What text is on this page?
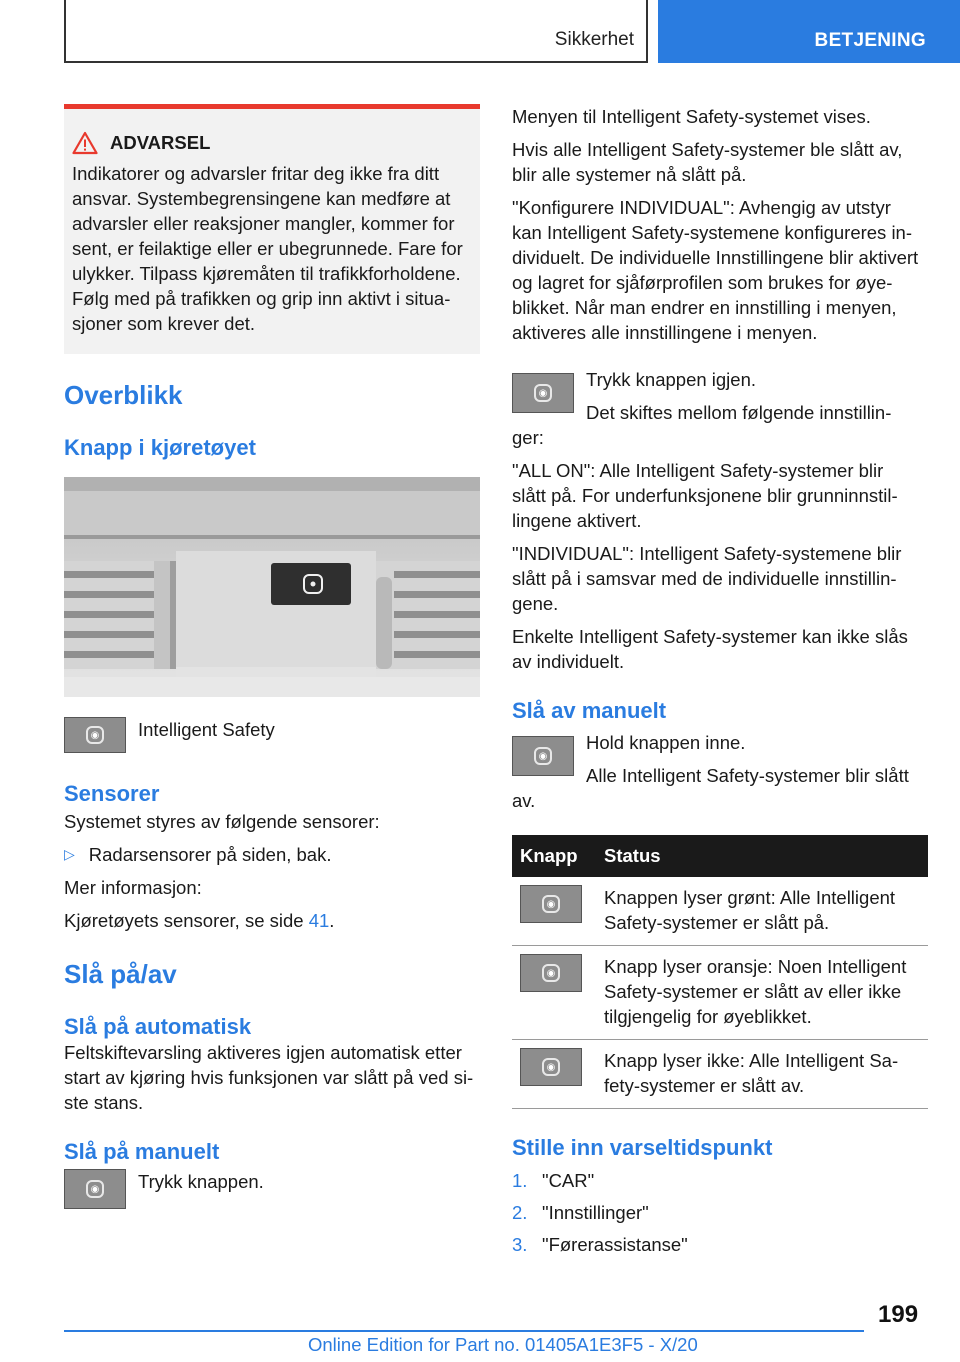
Sikkerhet	BETJENING
ADVARSEL

Indikatorer og advarsler fritar deg ikke fra ditt

ansvar. Systembegrensingene kan medføre at

advarsler eller reaksjoner mangler, kommer for

sent, er feilaktige eller er ubegrunnede. Fare for

ulykker. Tilpass kjøremåten til trafikkforholdene.

Følg med på trafikken og grip inn aktivt i situa-

sjoner som krever det.

Overblikk
Knapp i kjøretøyet
◉ Intelligent Safety

Sensorer

Systemet styres av følgende sensorer:

▷ Radarsensorer på siden, bak.

Mer informasjon:

Kjøretøyets sensorer, se side 41.

Slå på/av
Slå på automatisk

Feltskiftevarsling aktiveres igjen automatisk etter

start av kjøring hvis funksjonen var slått på ved si-

ste stans.

Slå på manuelt
◉ Trykk knappen.

Menyen til Intelligent Safety-systemet vises.

Hvis alle Intelligent Safety-systemer ble slått av,

blir alle systemer nå slått på.

"Konfigurere INDIVIDUAL": Avhengig av utstyr

kan Intelligent Safety-systemene konfigureres in-

dividuelt. De individuelle Innstillingene blir aktivert

og lagret for sjåførprofilen som brukes for øye-

blikket. Når man endrer en innstilling i menyen,

aktiveres alle innstillingene i menyen.

◉

Trykk knappen igjen.

Det skiftes mellom følgende innstillin-

ger:

"ALL ON": Alle Intelligent Safety-systemer blir

slått på. For underfunksjonene blir grunninnstil-

lingene aktivert.

"INDIVIDUAL": Intelligent Safety-systemene blir

slått på i samsvar med de individuelle innstillin-

gene.

Enkelte Intelligent Safety-systemer kan ikke slås

av individuelt.

Slå av manuelt
◉

Hold knappen inne.

Alle Intelligent Safety-systemer blir slått

av.

Knapp	Status

◉	Knappen lyser grønt: Alle Intelligent
Safety-systemer er slått på.

◉	Knapp lyser oransje: Noen Intelligent
Safety-systemer er slått av eller ikke
tilgjengelig for øyeblikket.

◉	Knapp lyser ikke: Alle Intelligent Sa-
fety-systemer er slått av.
Stille inn varseltidspunkt
1. "CAR"
2. "Innstillinger"
3. "Førerassistanse"
199
Online Edition for Part no. 01405A1E3F5 - X/20
